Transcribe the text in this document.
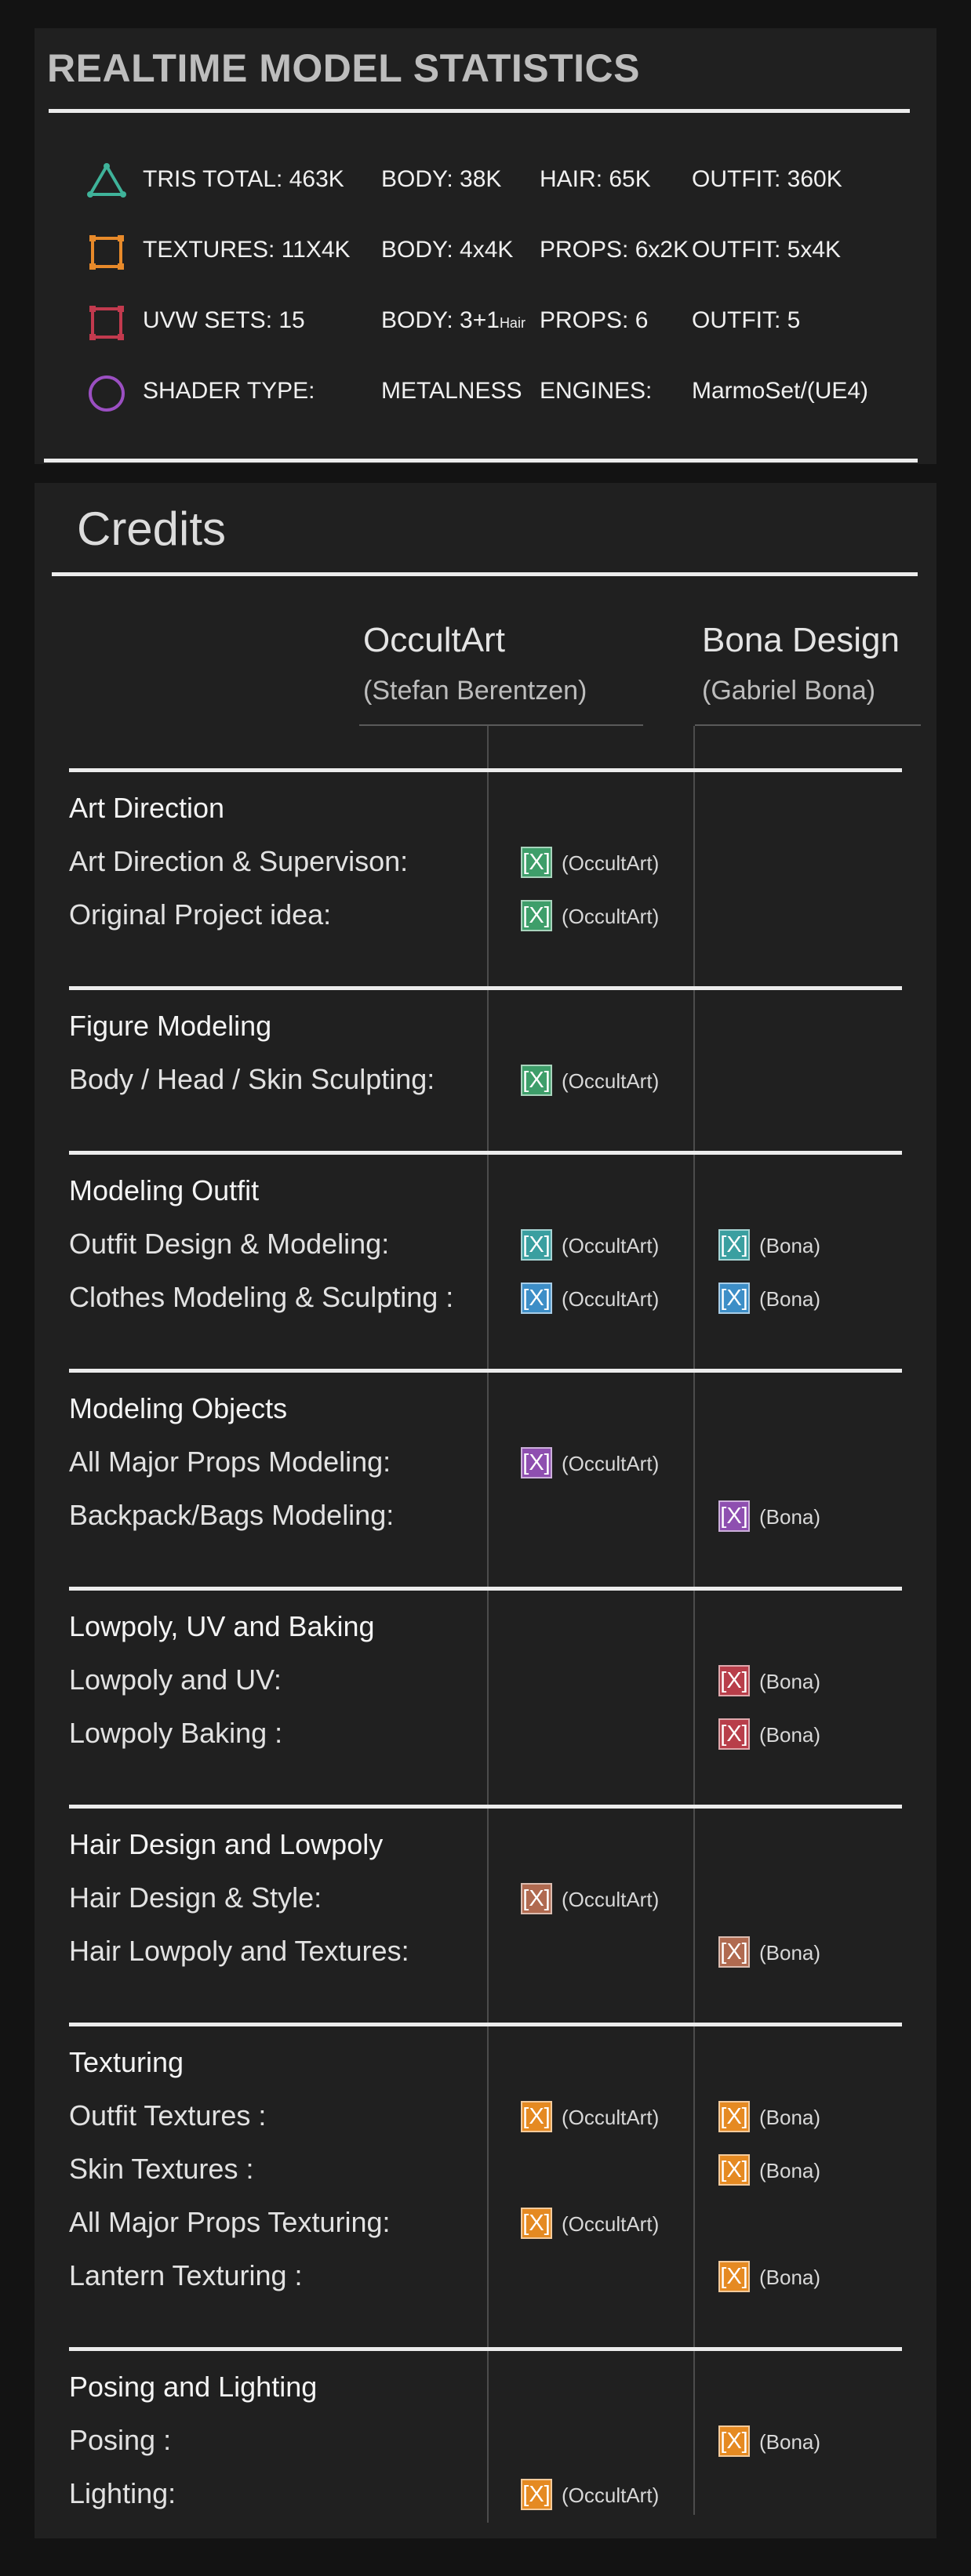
REALTIME MODEL STATISTICS
TRIS TOTAL: 463K BODY: 38K HAIR: 65K OUTFIT: 360K
TEXTURES: 11X4K BODY: 4x4K PROPS: 6x2K OUTFIT: 5x4K
UVW SETS: 15	BODY: 3+1Hair PROPS: 6 OUTFIT: 5
SHADER TYPE:	METALNESS ENGINES: MarmoSet/(UE4)
Credits
OccultArt
(Stefan Berentzen)
Bona Design
(Gabriel Bona)
Art Direction
Art Direction & Supervison:	[X] (OccultArt)
Original Project idea:	[X] (OccultArt)
Figure Modeling
Body / Head / Skin Sculpting:	[X] (OccultArt)
Modeling Outfit
Outfit Design & Modeling:	[X] (OccultArt)	[X] (Bona)
Clothes Modeling & Sculpting :	[X] (OccultArt)	[X] (Bona)
Modeling Objects
All Major Props Modeling:	[X] (OccultArt)
Backpack/Bags Modeling:	[X] (Bona)
Lowpoly, UV and Baking
Lowpoly and UV:	[X] (Bona)
Lowpoly Baking :	[X] (Bona)
Hair Design and Lowpoly
Hair Design & Style:	[X] (OccultArt)
Hair Lowpoly and Textures:	[X] (Bona)
Texturing
Outfit Textures :	[X] (OccultArt)	[X] (Bona)
Skin Textures :	[X] (Bona)
All Major Props Texturing:	[X] (OccultArt)
Lantern Texturing :	[X] (Bona)
Posing and Lighting
Posing :	[X] (Bona)
Lighting:	[X] (OccultArt)
